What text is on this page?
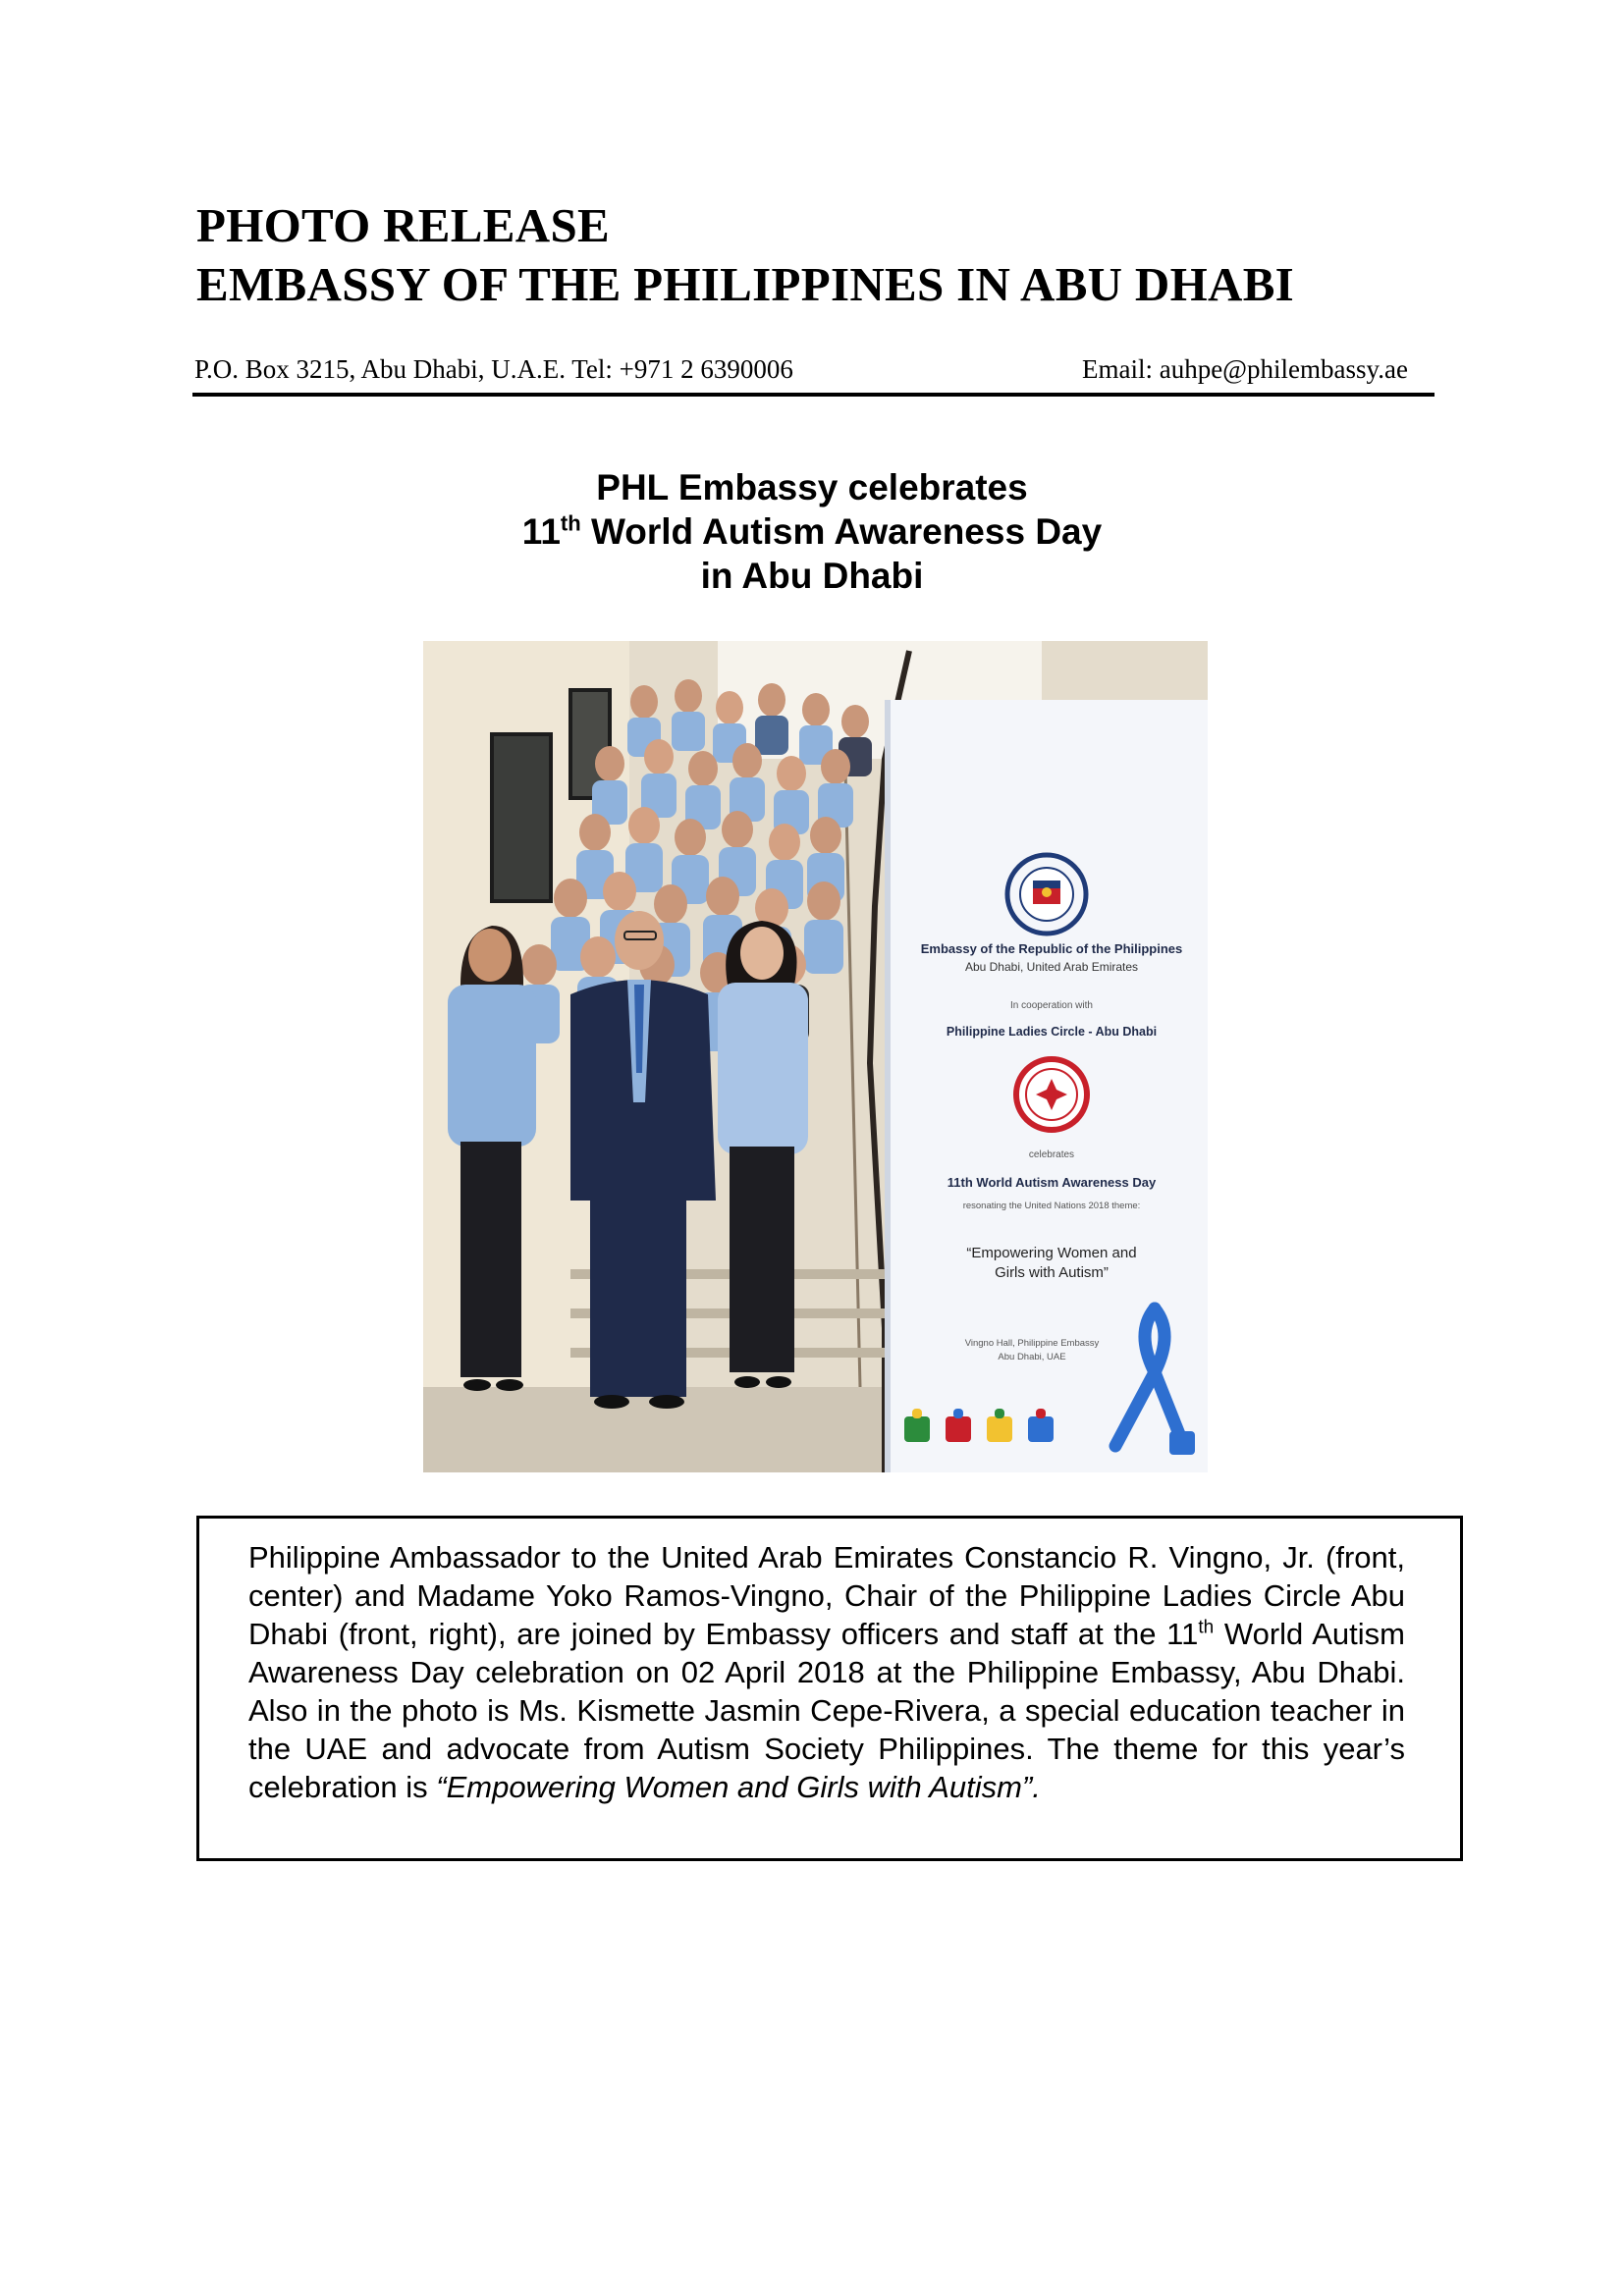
PHOTO RELEASE
EMBASSY OF THE PHILIPPINES IN ABU DHABI
P.O. Box 3215, Abu Dhabi, U.A.E. Tel: +971 2 6390006	Email: auhpe@philembassy.ae
PHL Embassy celebrates
11th World Autism Awareness Day
in Abu Dhabi
Embassy of the Republic of the Philippines
Abu Dhabi, United Arab Emirates
In cooperation with
Philippine Ladies Circle - Abu Dhabi
celebrates
11th World Autism Awareness Day
resonating the United Nations 2018 theme:
“Empowering Women and
Girls with Autism”
Vingno Hall, Philippine Embassy
Abu Dhabi, UAE
Philippine Ambassador to the United Arab Emirates Constancio R. Vingno, Jr. (front, center) and Madame Yoko Ramos-Vingno, Chair of the Philippine Ladies Circle Abu Dhabi (front, right), are joined by Embassy officers and staff at the 11th World Autism Awareness Day celebration on 02 April 2018 at the Philippine Embassy, Abu Dhabi. Also in the photo is Ms. Kismette Jasmin Cepe-Rivera, a special education teacher in the UAE and advocate from Autism Society Philippines. The theme for this year’s celebration is “Empowering Women and Girls with Autism”.
